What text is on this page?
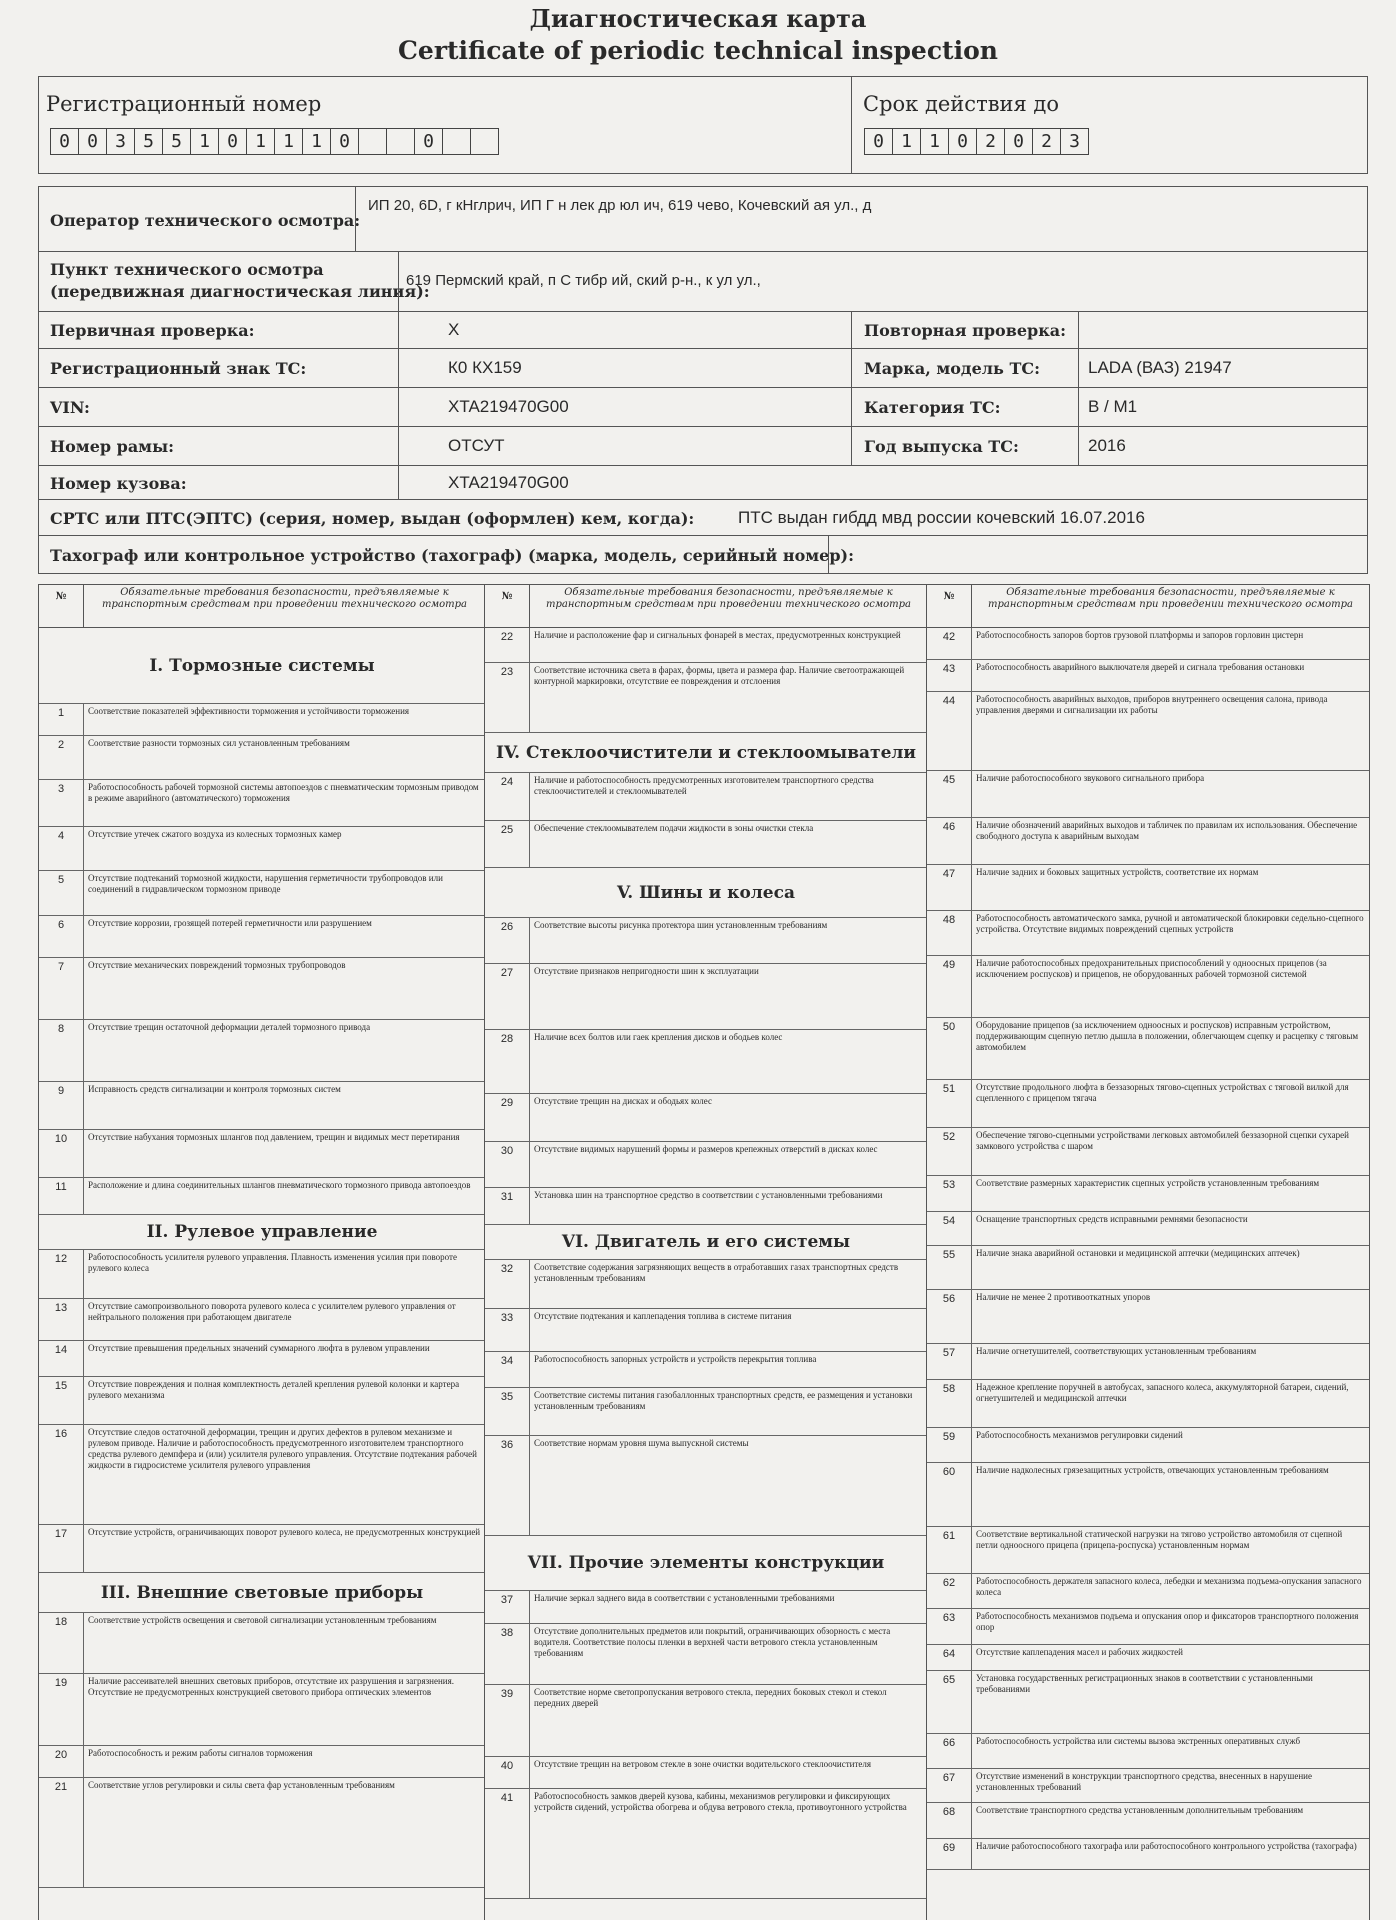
Диагностическая карта
Certificate of periodic technical inspection
Регистрационный номер
0 0 3 5 5 1 0 1 1 1 0	0
Срок действия до
0 1 1 0 2 0 2 3
Оператор технического осмотра:
ИП 20, 6D, г кНглрич, ИП Г н лек др юл ич, 619 чево, Кочевский ая ул., д
Пункт технического осмотра
(передвижная диагностическая линия):
619 Пермский край, п С тибр ий, ский р-н., к ул ул.,
Первичная проверка:	X	Повторная проверка:
Регистрационный знак ТС:	К0 КХ159	Марка, модель ТС:	LADA (ВАЗ) 21947
VIN:	XTA219470G00	Категория ТС:	B / M1
Номер рамы:	ОТСУТ	Год выпуска ТС:	2016
Номер кузова:	XTA219470G00
СРТС или ПТС(ЭПТС) (серия, номер, выдан (оформлен) кем, когда):	ПТС выдан гибдд мвд россии кочевский 16.07.2016
Тахограф или контрольное устройство (тахограф) (марка, модель, серийный номер):
№	Обязательные требования безопасности, предъявляемые к транспортным средствам при проведении технического осмотра
I. Тормозные системы
1	Соответствие показателей эффективности торможения и устойчивости торможения
2	Соответствие разности тормозных сил установленным требованиям
3	Работоспособность рабочей тормозной системы автопоездов с пневматическим тормозным приводом в режиме аварийного (автоматического) торможения
4	Отсутствие утечек сжатого воздуха из колесных тормозных камер
5	Отсутствие подтеканий тормозной жидкости, нарушения герметичности трубопроводов или соединений в гидравлическом тормозном приводе
6	Отсутствие коррозии, грозящей потерей герметичности или разрушением
7	Отсутствие механических повреждений тормозных трубопроводов
8	Отсутствие трещин остаточной деформации деталей тормозного привода
9	Исправность средств сигнализации и контроля тормозных систем
10	Отсутствие набухания тормозных шлангов под давлением, трещин и видимых мест перетирания
11	Расположение и длина соединительных шлангов пневматического тормозного привода автопоездов
II. Рулевое управление
12	Работоспособность усилителя рулевого управления. Плавность изменения усилия при повороте рулевого колеса
13	Отсутствие самопроизвольного поворота рулевого колеса с усилителем рулевого управления от нейтрального положения при работающем двигателе
14	Отсутствие превышения предельных значений суммарного люфта в рулевом управлении
15	Отсутствие повреждения и полная комплектность деталей крепления рулевой колонки и картера рулевого механизма
16	Отсутствие следов остаточной деформации, трещин и других дефектов в рулевом механизме и рулевом приводе. Наличие и работоспособность предусмотренного изготовителем транспортного средства рулевого демпфера и (или) усилителя рулевого управления. Отсутствие подтекания рабочей жидкости в гидросистеме усилителя рулевого управления
17	Отсутствие устройств, ограничивающих поворот рулевого колеса, не предусмотренных конструкцией
III. Внешние световые приборы
18	Соответствие устройств освещения и световой сигнализации установленным требованиям
19	Наличие рассеивателей внешних световых приборов, отсутствие их разрушения и загрязнения. Отсутствие не предусмотренных конструкцией светового прибора оптических элементов
20	Работоспособность и режим работы сигналов торможения
21	Соответствие углов регулировки и силы света фар установленным требованиям
№	Обязательные требования безопасности, предъявляемые к транспортным средствам при проведении технического осмотра
22	Наличие и расположение фар и сигнальных фонарей в местах, предусмотренных конструкцией
23	Соответствие источника света в фарах, формы, цвета и размера фар. Наличие светоотражающей контурной маркировки, отсутствие ее повреждения и отслоения
IV. Стеклоочистители и стеклоомыватели
24	Наличие и работоспособность предусмотренных изготовителем транспортного средства стеклоочистителей и стеклоомывателей
25	Обеспечение стеклоомывателем подачи жидкости в зоны очистки стекла
V. Шины и колеса
26	Соответствие высоты рисунка протектора шин установленным требованиям
27	Отсутствие признаков непригодности шин к эксплуатации
28	Наличие всех болтов или гаек крепления дисков и ободьев колес
29	Отсутствие трещин на дисках и ободьях колес
30	Отсутствие видимых нарушений формы и размеров крепежных отверстий в дисках колес
31	Установка шин на транспортное средство в соответствии с установленными требованиями
VI. Двигатель и его системы
32	Соответствие содержания загрязняющих веществ в отработавших газах транспортных средств установленным требованиям
33	Отсутствие подтекания и каплепадения топлива в системе питания
34	Работоспособность запорных устройств и устройств перекрытия топлива
35	Соответствие системы питания газобаллонных транспортных средств, ее размещения и установки установленным требованиям
36	Соответствие нормам уровня шума выпускной системы
VII. Прочие элементы конструкции
37	Наличие зеркал заднего вида в соответствии с установленными требованиями
38	Отсутствие дополнительных предметов или покрытий, ограничивающих обзорность с места водителя. Соответствие полосы пленки в верхней части ветрового стекла установленным требованиям
39	Соответствие норме светопропускания ветрового стекла, передних боковых стекол и стекол передних дверей
40	Отсутствие трещин на ветровом стекле в зоне очистки водительского стеклоочистителя
41	Работоспособность замков дверей кузова, кабины, механизмов регулировки и фиксирующих устройств сидений, устройства обогрева и обдува ветрового стекла, противоугонного устройства
№	Обязательные требования безопасности, предъявляемые к транспортным средствам при проведении технического осмотра
42	Работоспособность запоров бортов грузовой платформы и запоров горловин цистерн
43	Работоспособность аварийного выключателя дверей и сигнала требования остановки
44	Работоспособность аварийных выходов, приборов внутреннего освещения салона, привода управления дверями и сигнализации их работы
45	Наличие работоспособного звукового сигнального прибора
46	Наличие обозначений аварийных выходов и табличек по правилам их использования. Обеспечение свободного доступа к аварийным выходам
47	Наличие задних и боковых защитных устройств, соответствие их нормам
48	Работоспособность автоматического замка, ручной и автоматической блокировки седельно-сцепного устройства. Отсутствие видимых повреждений сцепных устройств
49	Наличие работоспособных предохранительных приспособлений у одноосных прицепов (за исключением роспусков) и прицепов, не оборудованных рабочей тормозной системой
50	Оборудование прицепов (за исключением одноосных и роспусков) исправным устройством, поддерживающим сцепную петлю дышла в положении, облегчающем сцепку и расцепку с тяговым автомобилем
51	Отсутствие продольного люфта в беззазорных тягово-сцепных устройствах с тяговой вилкой для сцепленного с прицепом тягача
52	Обеспечение тягово-сцепными устройствами легковых автомобилей беззазорной сцепки сухарей замкового устройства с шаром
53	Соответствие размерных характеристик сцепных устройств установленным требованиям
54	Оснащение транспортных средств исправными ремнями безопасности
55	Наличие знака аварийной остановки и медицинской аптечки (медицинских аптечек)
56	Наличие не менее 2 противооткатных упоров
57	Наличие огнетушителей, соответствующих установленным требованиям
58	Надежное крепление поручней в автобусах, запасного колеса, аккумуляторной батареи, сидений, огнетушителей и медицинской аптечки
59	Работоспособность механизмов регулировки сидений
60	Наличие надколесных грязезащитных устройств, отвечающих установленным требованиям
61	Соответствие вертикальной статической нагрузки на тягово устройство автомобиля от сцепной петли одноосного прицепа (прицепа-роспуска) установленным нормам
62	Работоспособность держателя запасного колеса, лебедки и механизма подъема-опускания запасного колеса
63	Работоспособность механизмов подъема и опускания опор и фиксаторов транспортного положения опор
64	Отсутствие каплепадения масел и рабочих жидкостей
65	Установка государственных регистрационных знаков в соответствии с установленными требованиями
66	Работоспособность устройства или системы вызова экстренных оперативных служб
67	Отсутствие изменений в конструкции транспортного средства, внесенных в нарушение установленных требований
68	Соответствие транспортного средства установленным дополнительным требованиям
69	Наличие работоспособного тахографа или работоспособного контрольного устройства (тахографа)
